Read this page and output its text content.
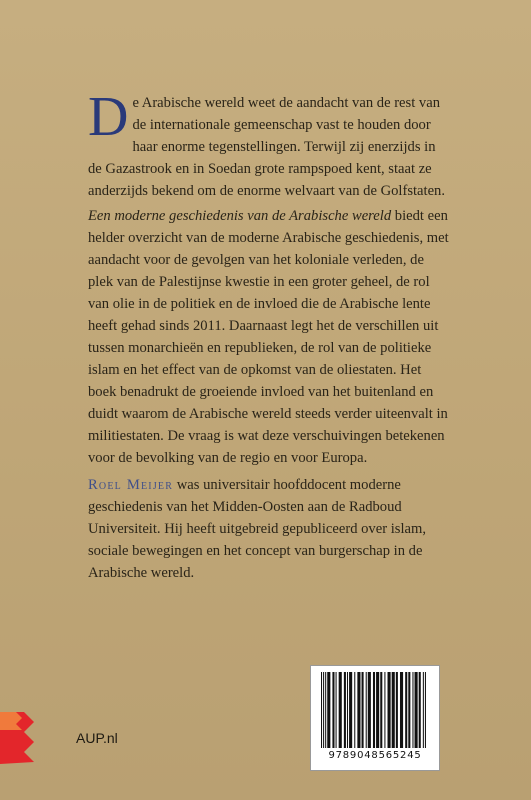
De Arabische wereld weet de aandacht van de rest van de internationale gemeenschap vast te houden door haar enorme tegenstellingen. Terwijl zij enerzijds in de Gazastrook en in Soedan grote rampspoed kent, staat ze anderzijds bekend om de enorme welvaart van de Golfstaten.
Een moderne geschiedenis van de Arabische wereld biedt een helder overzicht van de moderne Arabische geschiedenis, met aandacht voor de gevolgen van het koloniale verleden, de plek van de Palestijnse kwestie in een groter geheel, de rol van olie in de politiek en de invloed die de Arabische lente heeft gehad sinds 2011. Daarnaast legt het de verschillen uit tussen monarchieën en republieken, de rol van de politieke islam en het effect van de opkomst van de oliestaten. Het boek benadrukt de groeiende invloed van het buitenland en duidt waarom de Arabische wereld steeds verder uiteenvalt in militiestaten. De vraag is wat deze verschuivingen betekenen voor de bevolking van de regio en voor Europa.
Roel Meijer was universitair hoofddocent moderne geschiedenis van het Midden-Oosten aan de Radboud Universiteit. Hij heeft uitgebreid gepubliceerd over islam, sociale bewegingen en het concept van burgerschap in de Arabische wereld.
AUP.nl
9789048565245
